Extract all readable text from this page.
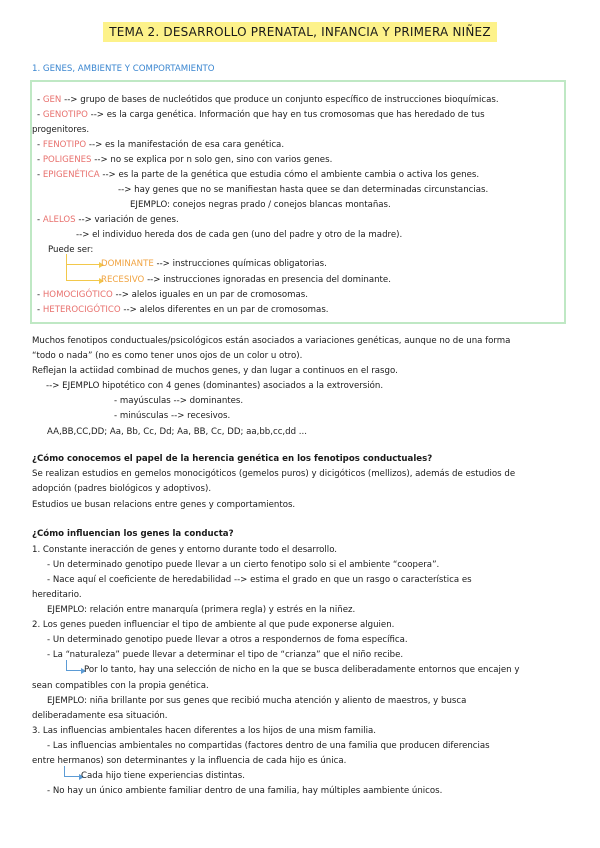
TEMA 2. DESARROLLO PRENATAL, INFANCIA Y PRIMERA NIÑEZ
1. GENES, AMBIENTE Y COMPORTAMIENTO
- GEN --> grupo de bases de nucleótidos que produce un conjunto específico de instrucciones bioquímicas.
- GENOTIPO --> es la carga genética. Información que hay en tus cromosomas que has heredado de tus
progenitores.
- FENOTIPO --> es la manifestación de esa cara genética.
- POLIGENES --> no se explica por n solo gen, sino con varios genes.
- EPIGENÉTICA --> es la parte de la genética que estudia cómo el ambiente cambia o activa los genes.
--> hay genes que no se manifiestan hasta quee se dan determinadas circunstancias.
EJEMPLO: conejos negras prado / conejos blancas montañas.
- ALELOS --> variación de genes.
--> el individuo hereda dos de cada gen (uno del padre y otro de la madre).
Puede ser:
DOMINANTE --> instrucciones químicas obligatorias.
RECESIVO --> instrucciones ignoradas en presencia del dominante.
- HOMOCIGÓTICO --> alelos iguales en un par de cromosomas.
- HETEROCIGÓTICO --> alelos diferentes en un par de cromosomas.
Muchos fenotipos conductuales/psicológicos están asociados a variaciones genéticas, aunque no de una forma
“todo o nada” (no es como tener unos ojos de un color u otro).
Reflejan la actiidad combinad de muchos genes, y dan lugar a continuos en el rasgo.
--> EJEMPLO hipotético con 4 genes (dominantes) asociados a la extroversión.
- mayúsculas --> dominantes.
- minúsculas --> recesivos.
AA,BB,CC,DD; Aa, Bb, Cc, Dd; Aa, BB, Cc, DD; aa,bb,cc,dd ...
¿Cómo conocemos el papel de la herencia genética en los fenotipos conductuales?
Se realizan estudios en gemelos monocigóticos (gemelos puros) y dicigóticos (mellizos), además de estudios de
adopción (padres biológicos y adoptivos).
Estudios ue busan relacions entre genes y comportamientos.
¿Cómo influencian los genes la conducta?
1. Constante ineracción de genes y entorno durante todo el desarrollo.
- Un determinado genotipo puede llevar a un cierto fenotipo solo si el ambiente “coopera”.
- Nace aquí el coeficiente de heredabilidad --> estima el grado en que un rasgo o característica es
hereditario.
EJEMPLO: relación entre manarquía (primera regla) y estrés en la niñez.
2. Los genes pueden influenciar el tipo de ambiente al que pude exponerse alguien.
- Un determinado genotipo puede llevar a otros a respondernos de foma específica.
- La “naturaleza” puede llevar a determinar el tipo de “crianza” que el niño recibe.
Por lo tanto, hay una selección de nicho en la que se busca deliberadamente entornos que encajen y
sean compatibles con la propia genética.
EJEMPLO: niña brillante por sus genes que recibió mucha atención y aliento de maestros, y busca
deliberadamente esa situación.
3. Las influencias ambientales hacen diferentes a los hijos de una mism familia.
- Las influencias ambientales no compartidas (factores dentro de una familia que producen diferencias
entre hermanos) son determinantes y la influencia de cada hijo es única.
Cada hijo tiene experiencias distintas.
- No hay un único ambiente familiar dentro de una familia, hay múltiples aambiente únicos.
